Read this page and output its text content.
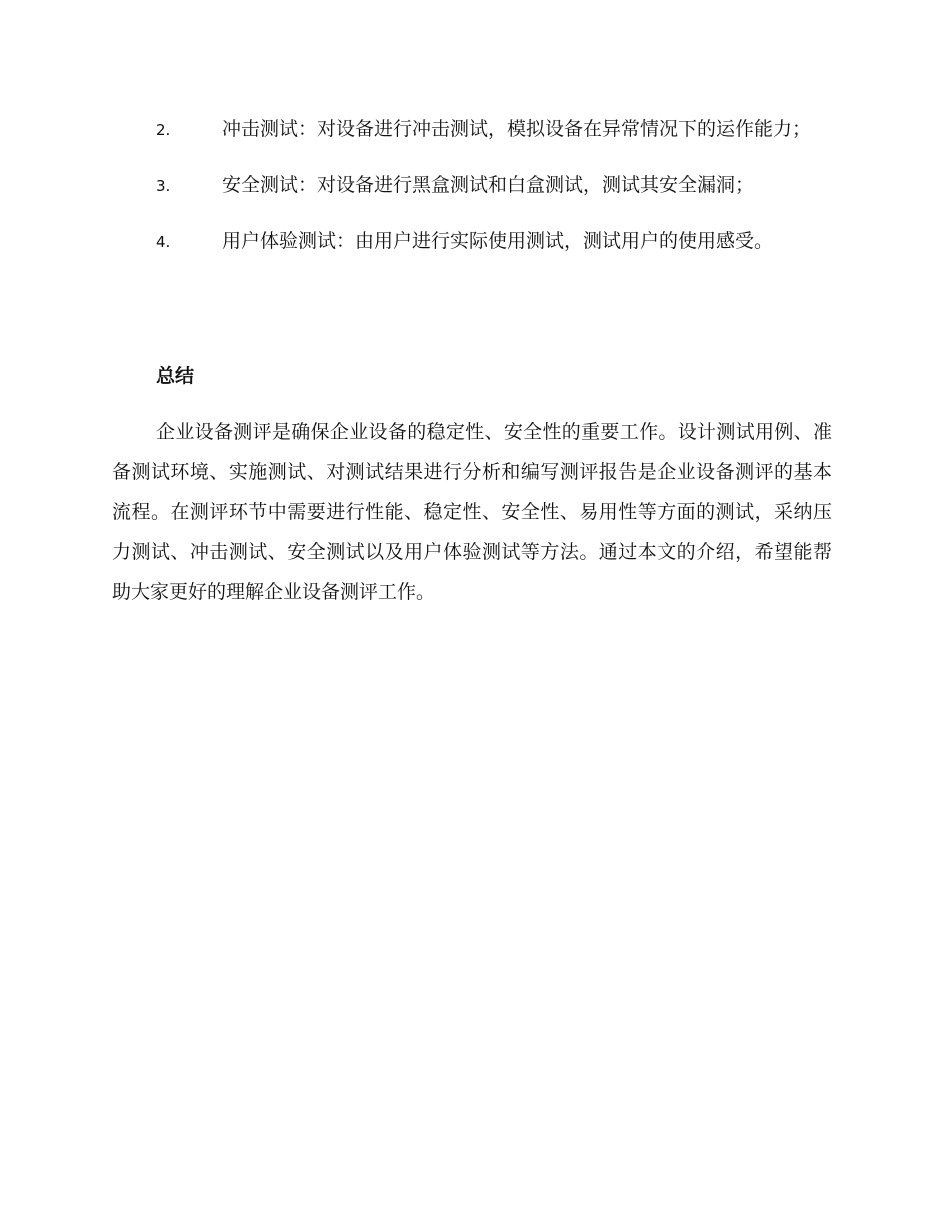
2.	冲击测试：对设备进行冲击测试，模拟设备在异常情况下的运作能力；

3.	安全测试：对设备进行黑盒测试和白盒测试，测试其安全漏洞；

4.	用户体验测试：由用户进行实际使用测试，测试用户的使用感受。

总结

企业设备测评是确保企业设备的稳定性、安全性的重要工作。设计测试用例、准备测试环境、实施测试、对测试结果进行分析和编写测评报告是企业设备测评的基本流程。在测评环节中需要进行性能、稳定性、安全性、易用性等方面的测试，采纳压力测试、冲击测试、安全测试以及用户体验测试等方法。通过本文的介绍，希望能帮助大家更好的理解企业设备测评工作。
